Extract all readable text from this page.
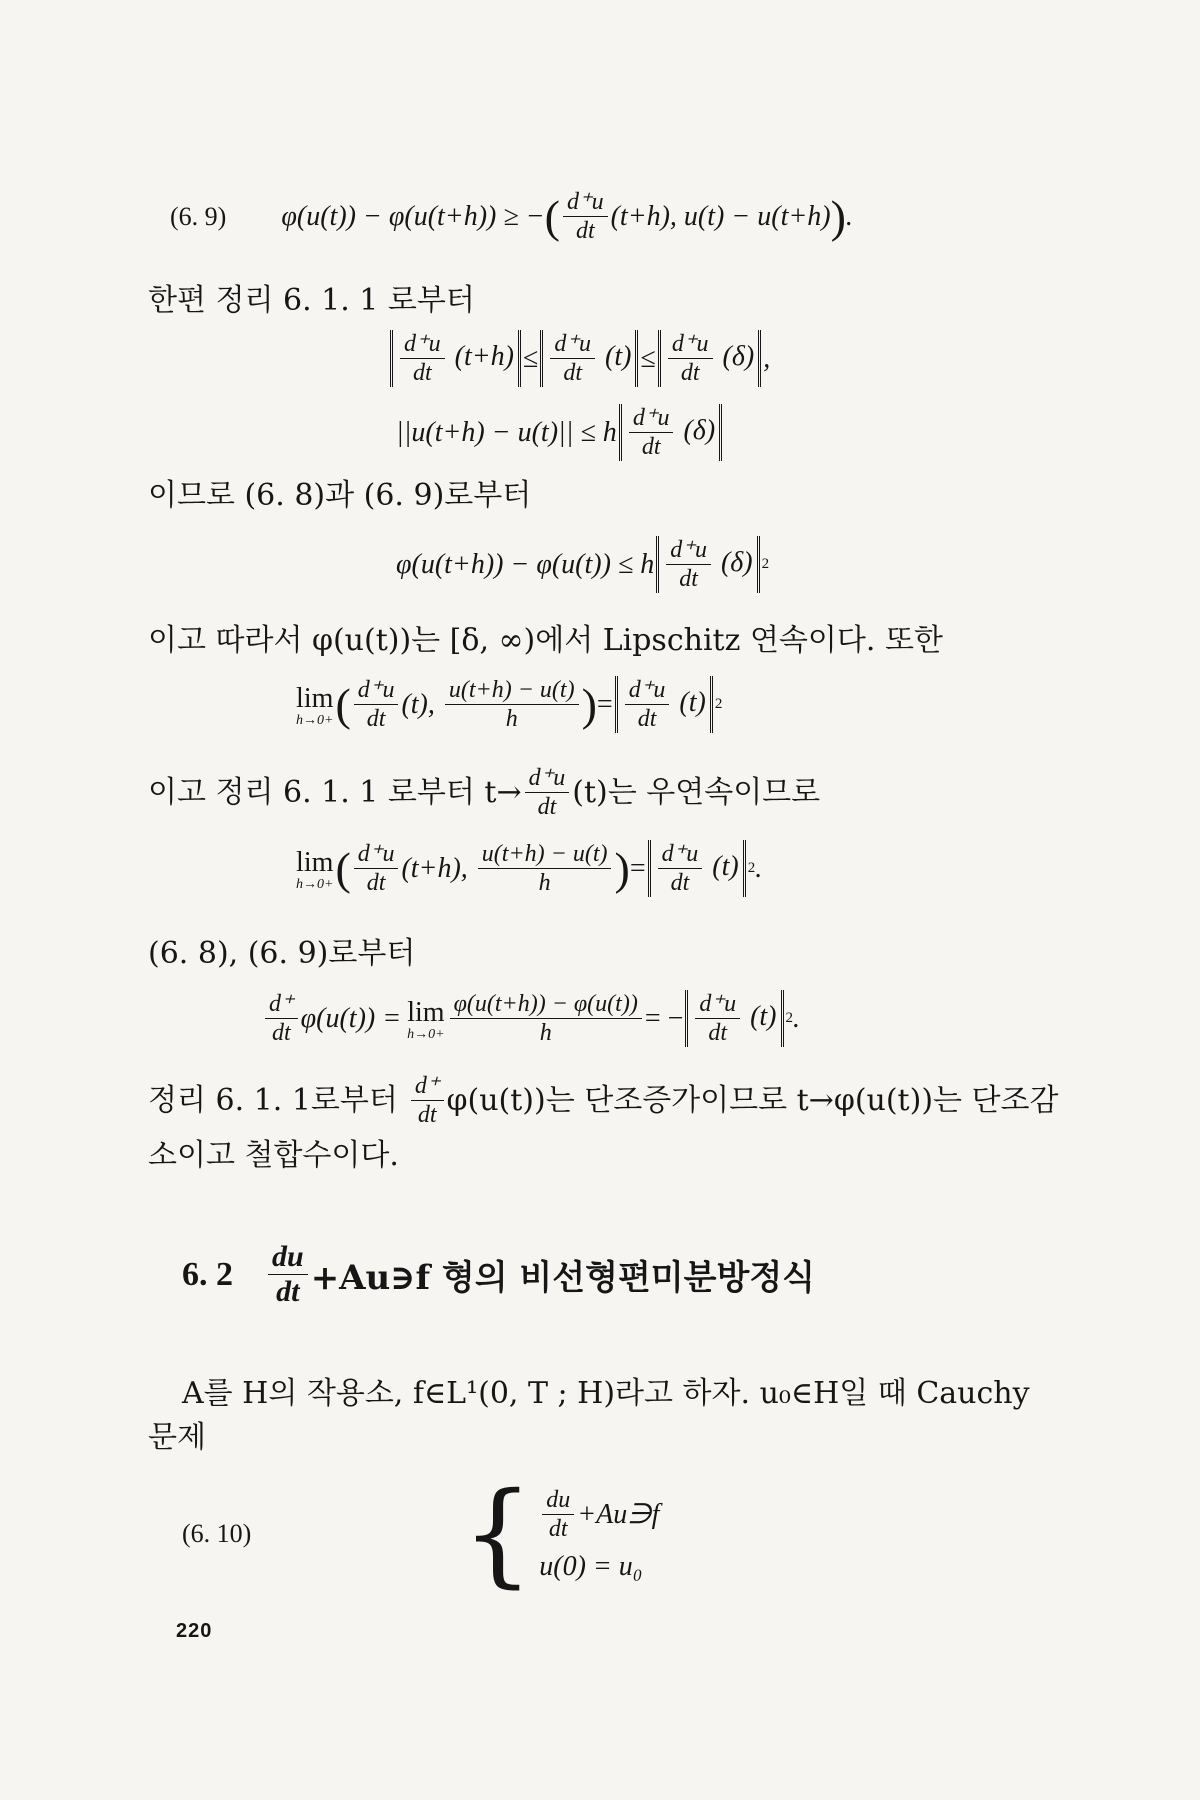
(6. 9) φ(u(t)) − φ(u(t+h)) ≥ − ( $\frac{d^+u}{dt} (t+h)$, u(t) − u(t+h) ) .
한편 정리 6. 1. 1 로부터
$\frac{d^+u}{dt} (t+h) \le \frac{d^+u}{dt} (t) \le \frac{d^+u}{dt} (\delta)$ ,
||u(t+h) − u(t)|| ≤ h $\frac{d^+u}{dt} (\delta)$
이므로 (6. 8)과 (6. 9)로부터
φ(u(t+h)) − φ(u(t)) ≤ h $\frac{d^+u}{dt} (\delta)$ 2
이고 따라서 φ(u(t))는 [δ, ∞)에서 Lipschitz 연속이다. 또한
lim
h→0+ ( $\frac{d^+u}{dt} (t)$, $\frac{u(t+h) - u(t)}{h}$ ) = $\frac{d^+u}{dt} (t)$ 2
이고 정리 6. 1. 1 로부터 $t\to \frac{d^+u}{dt} (t)$는 우연속이므로
lim
h→0+ ( $\frac{d^+u}{dt} (t+h)$, $\frac{u(t+h) - u(t)}{h}$ ) = $\frac{d^+u}{dt} (t)$ 2 .
(6. 8), (6. 9)로부터
$\frac{d^+}{dt} \varphi(u(t)) = \lim$
$h\to 0+ \frac{\varphi(u(t+h)) - \varphi(u(t))}{h}$ = − $\frac{d^+u}{dt} (t)$ 2 .
정리 6. 1. 1로부터 $\frac{d^+}{dt} \varphi(u(t))$는 단조증가이므로 t→φ(u(t))는 단조감
소이고 철합수이다.
6. $2 \frac{du}{dt}$ +Au∋f 형의 비선형편미분방정식
A를 H의 작용소, f∈L¹(0, T ; H)라고 하자. u₀∈H일 때 Cauchy
문제
(6. 10)	{ $\frac{du}{dt}$ +Au∋f
u(0) = u₀
220
